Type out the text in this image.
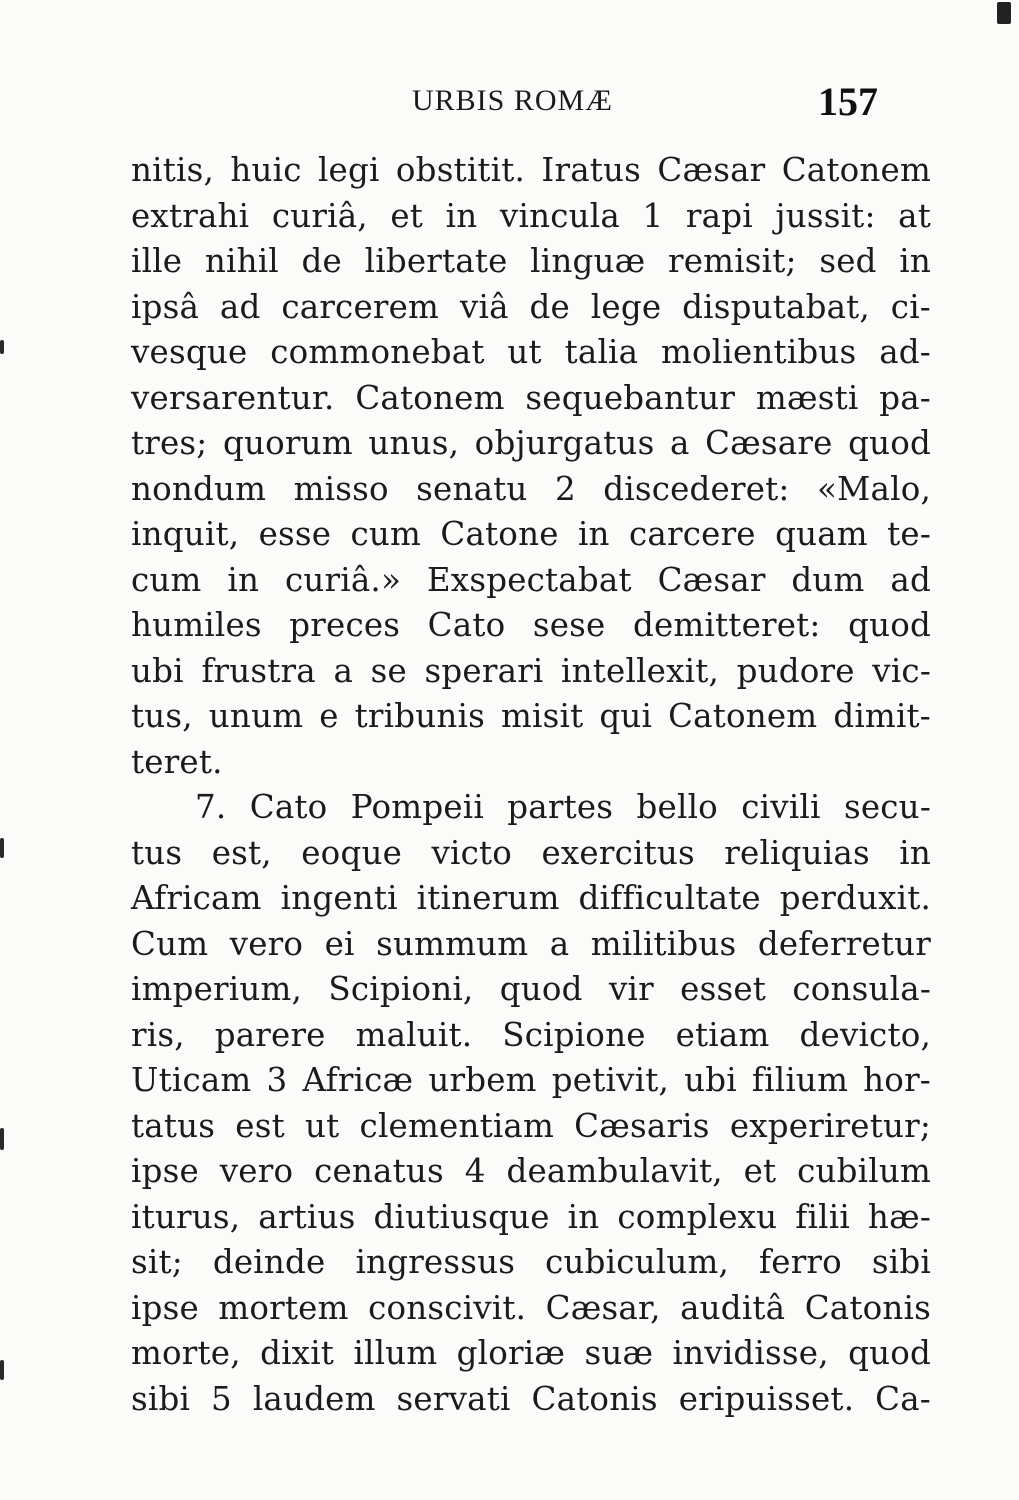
URBIS ROMÆ	157
nitis, huic legi obstitit. Iratus Cæsar Catonem
extrahi curiâ, et in vincula 1 rapi jussit: at
ille nihil de libertate linguæ remisit; sed in
ipsâ ad carcerem viâ de lege disputabat, ci-
vesque commonebat ut talia molientibus ad-
versarentur. Catonem sequebantur mæsti pa-
tres; quorum unus, objurgatus a Cæsare quod
nondum misso senatu 2 discederet: «Malo,
inquit, esse cum Catone in carcere quam te-
cum in curiâ.» Exspectabat Cæsar dum ad
humiles preces Cato sese demitteret: quod
ubi frustra a se sperari intellexit, pudore vic-
tus, unum e tribunis misit qui Catonem dimit-
teret.
7. Cato Pompeii partes bello civili secu-
tus est, eoque victo exercitus reliquias in
Africam ingenti itinerum difficultate perduxit.
Cum vero ei summum a militibus deferretur
imperium, Scipioni, quod vir esset consula-
ris, parere maluit. Scipione etiam devicto,
Uticam 3 Africæ urbem petivit, ubi filium hor-
tatus est ut clementiam Cæsaris experiretur;
ipse vero cenatus 4 deambulavit, et cubilum
iturus, artius diutiusque in complexu filii hæ-
sit; deinde ingressus cubiculum, ferro sibi
ipse mortem conscivit. Cæsar, auditâ Catonis
morte, dixit illum gloriæ suæ invidisse, quod
sibi 5 laudem servati Catonis eripuisset. Ca-
